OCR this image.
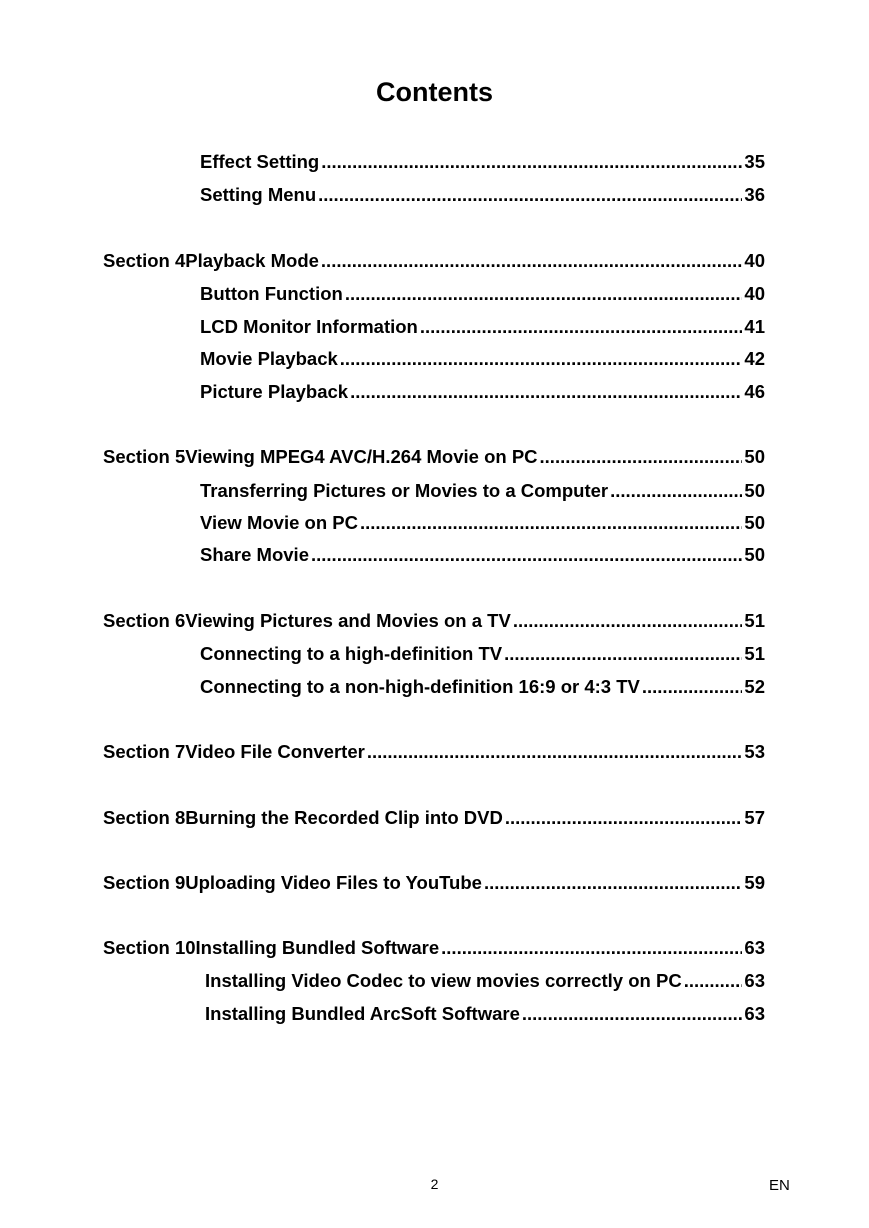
Contents
Effect Setting .....	35
Setting Menu .....	36
Section 4 Playback Mode .....	40
Button Function .....	40
LCD Monitor Information .....	41
Movie Playback .....	42
Picture Playback .....	46
Section 5 Viewing MPEG4 AVC/H.264 Movie on PC .....	50
Transferring Pictures or Movies to a Computer .....	50
View Movie on PC .....	50
Share Movie .....	50
Section 6 Viewing Pictures and Movies on a TV .....	51
Connecting to a high-definition TV .....	51
Connecting to a non-high-definition 16:9 or 4:3 TV .....	52
Section 7 Video File Converter .....	53
Section 8 Burning the Recorded Clip into DVD .....	57
Section 9 Uploading Video Files to YouTube .....	59
Section 10 Installing Bundled Software .....	63
Installing Video Codec to view movies correctly on PC .....	63
Installing Bundled ArcSoft Software .....	63
2	EN
